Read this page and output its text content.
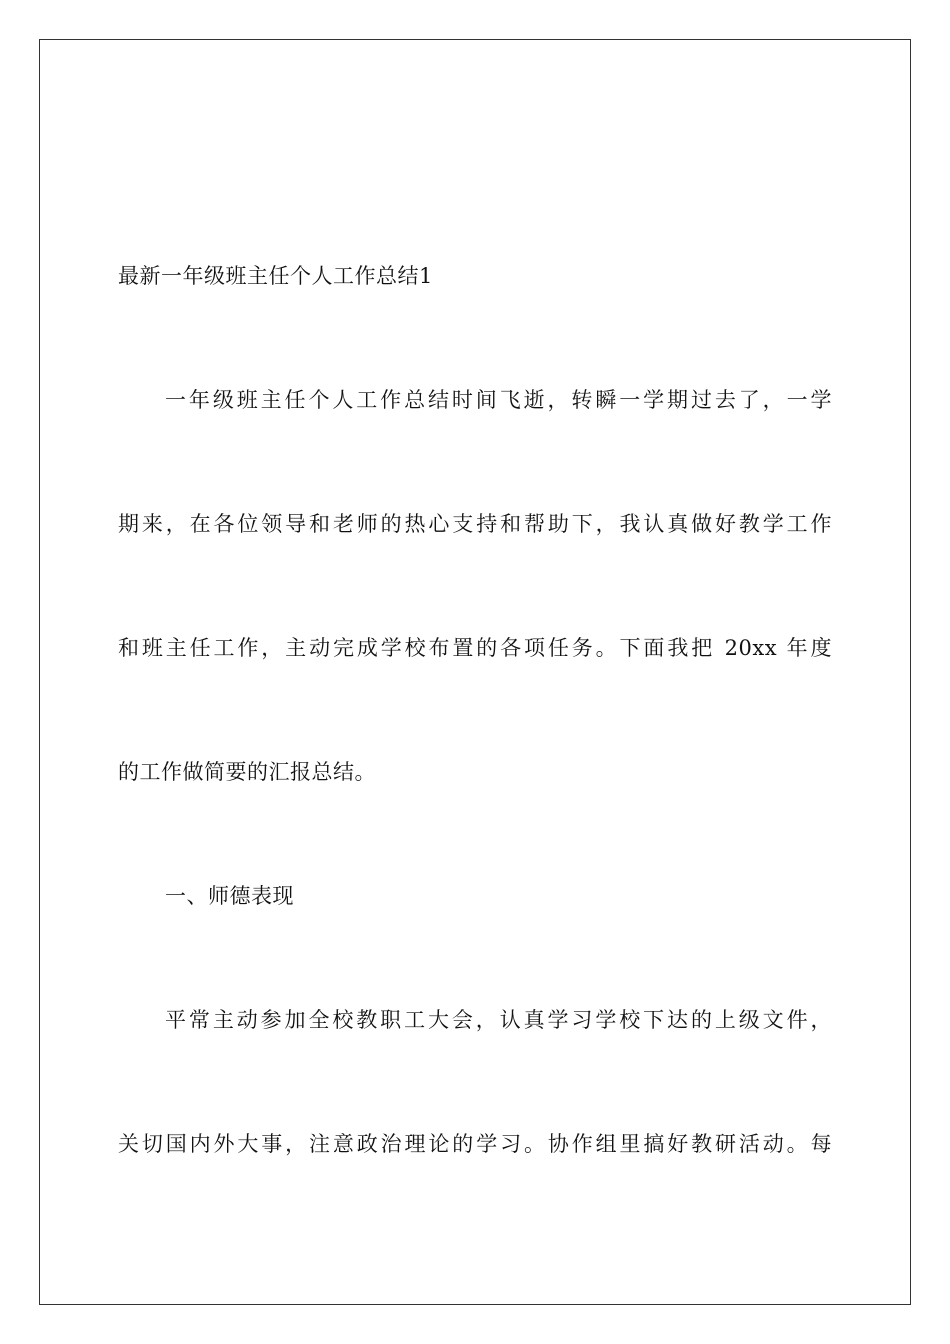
最新一年级班主任个人工作总结1
一年级班主任个人工作总结时间飞逝，转瞬一学期过去了，一学
期来，在各位领导和老师的热心支持和帮助下，我认真做好教学工作
和班主任工作，主动完成学校布置的各项任务。下面我把 20xx 年度
的工作做简要的汇报总结。
一、师德表现
平常主动参加全校教职工大会，认真学习学校下达的上级文件，
关切国内外大事，注意政治理论的学习。协作组里搞好教研活动。每
